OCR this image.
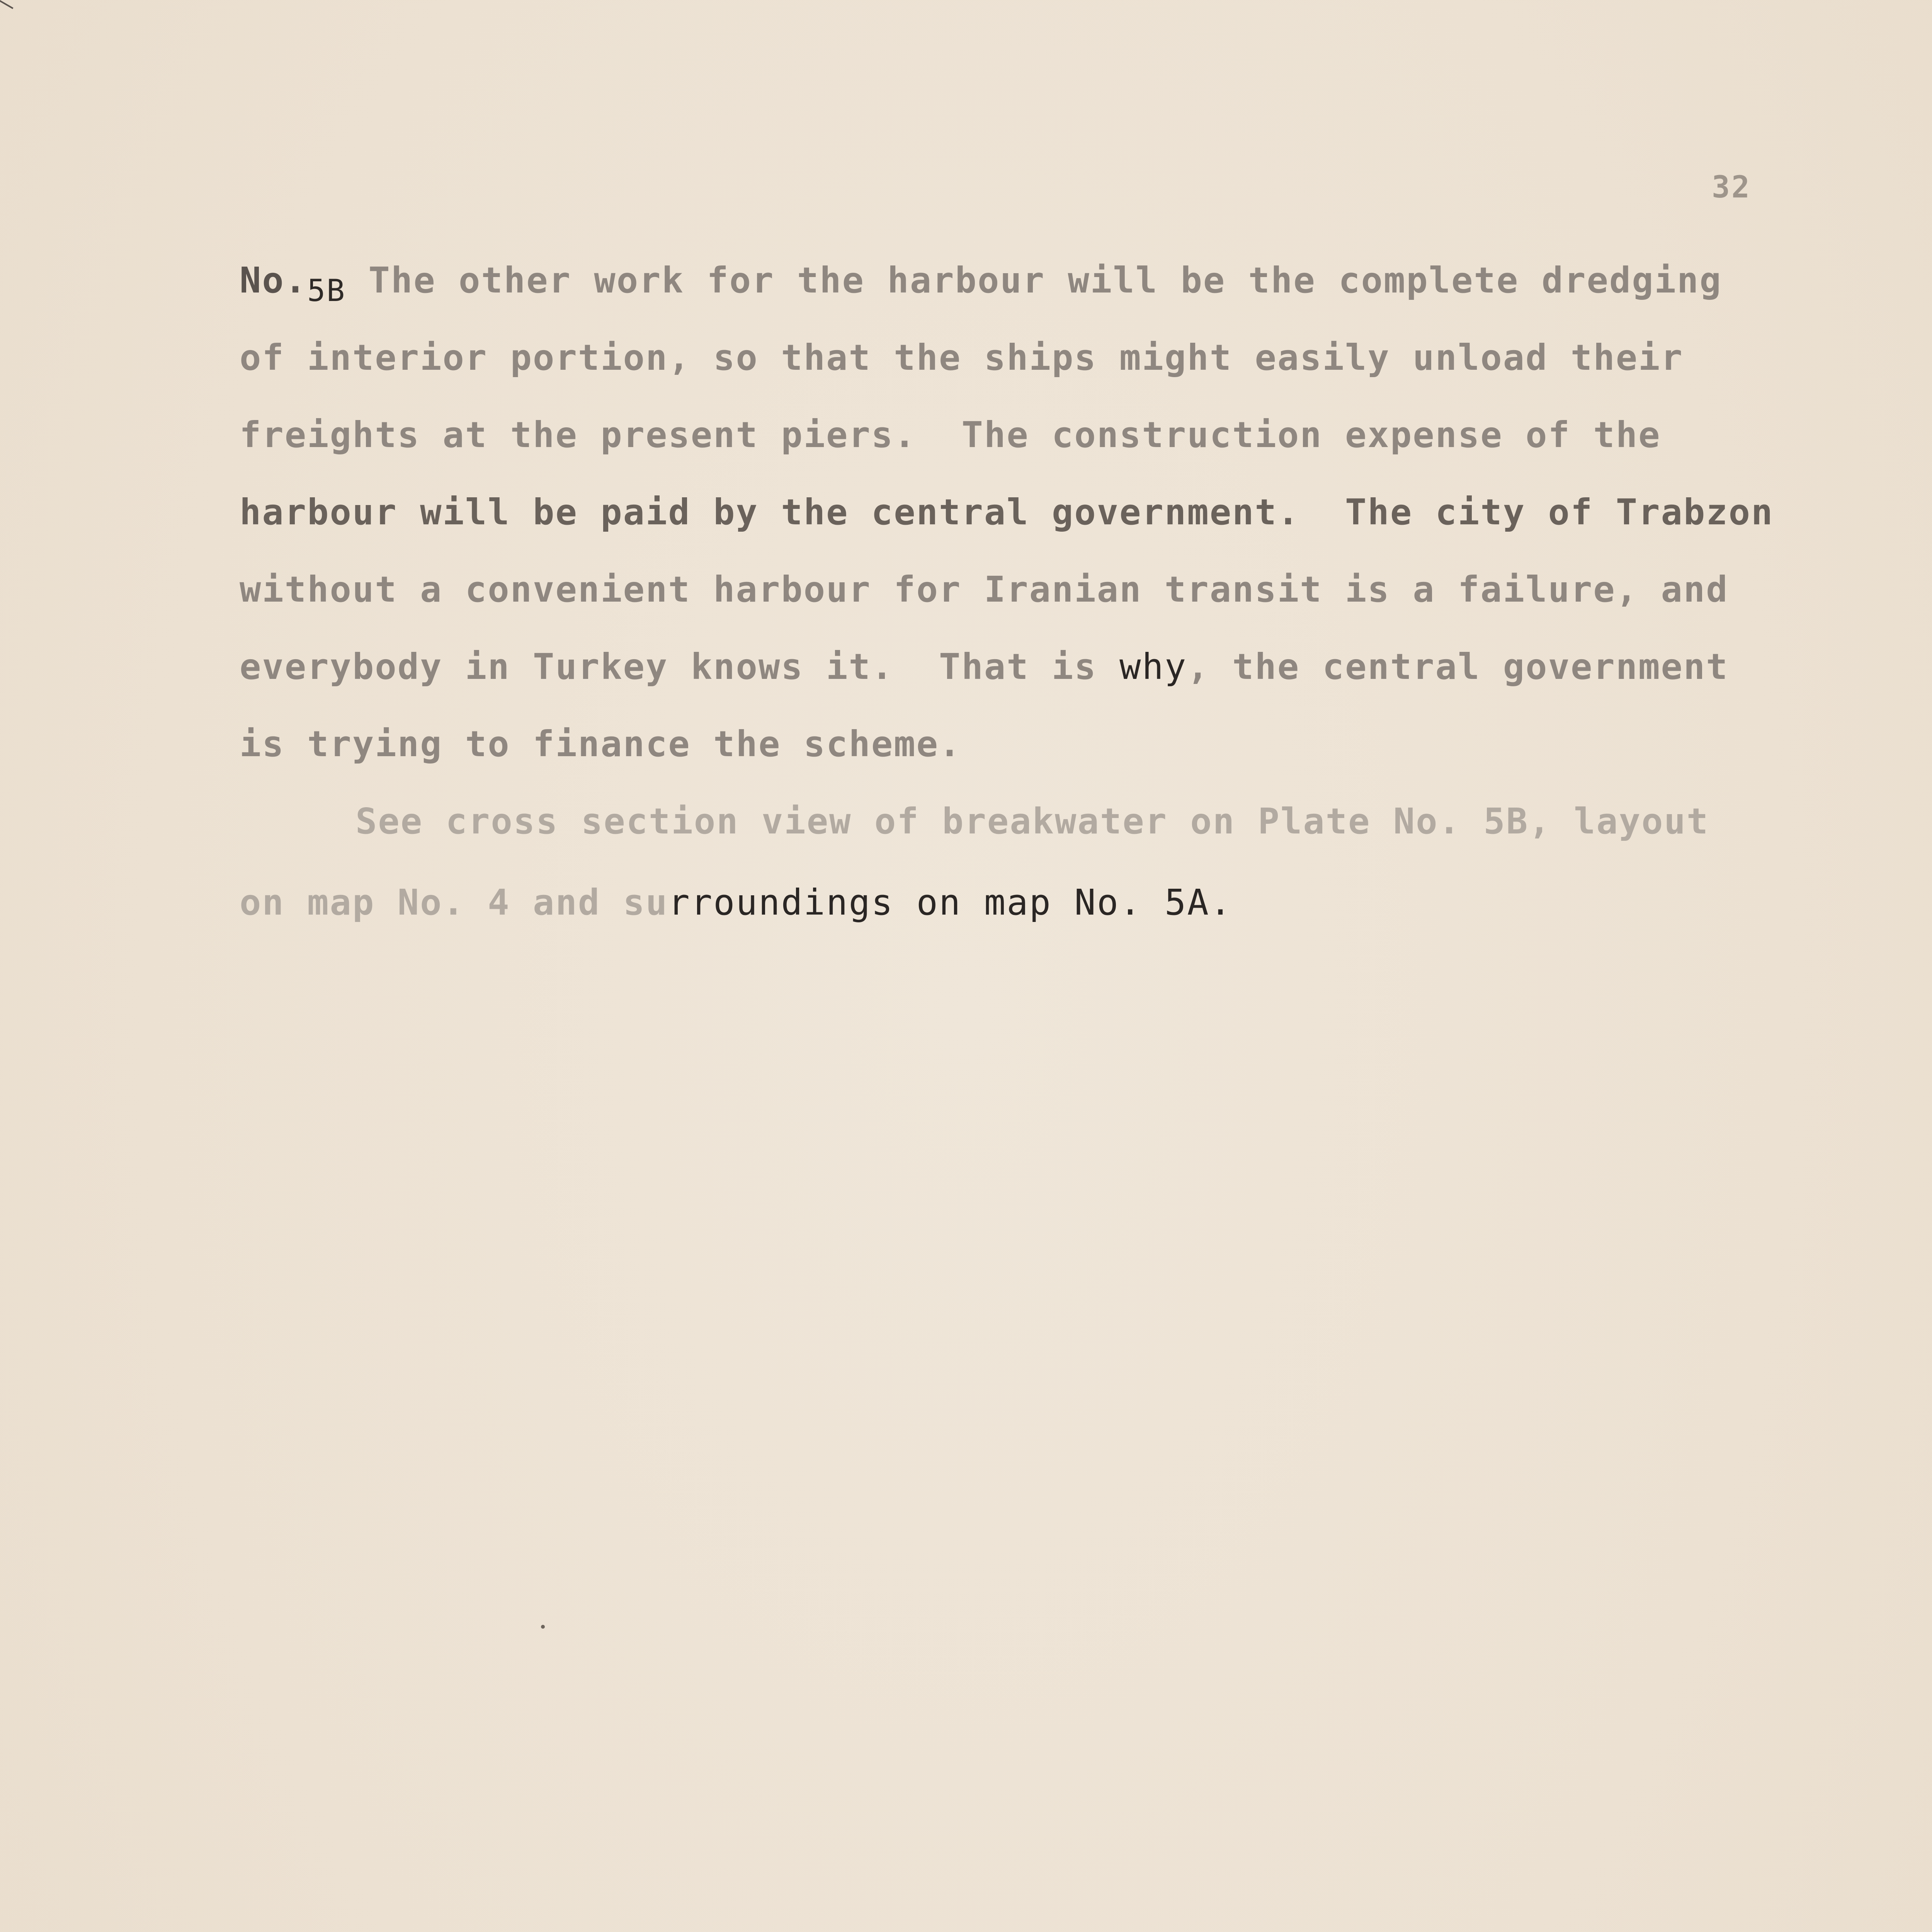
32
$No._{5B}$ The other work for the harbour will be the complete dredging
of interior portion, so that the ships might easily unload their
freights at the present piers.  The construction expense of the
harbour will be paid by the central government.  The city of Trabzon
without a convenient harbour for Iranian transit is a failure, and
everybody in Turkey knows it.  That is why, the central government
is trying to finance the scheme.
See cross section view of breakwater on Plate No. 5B, layout
on map No. 4 and surroundings on map No. 5A.
